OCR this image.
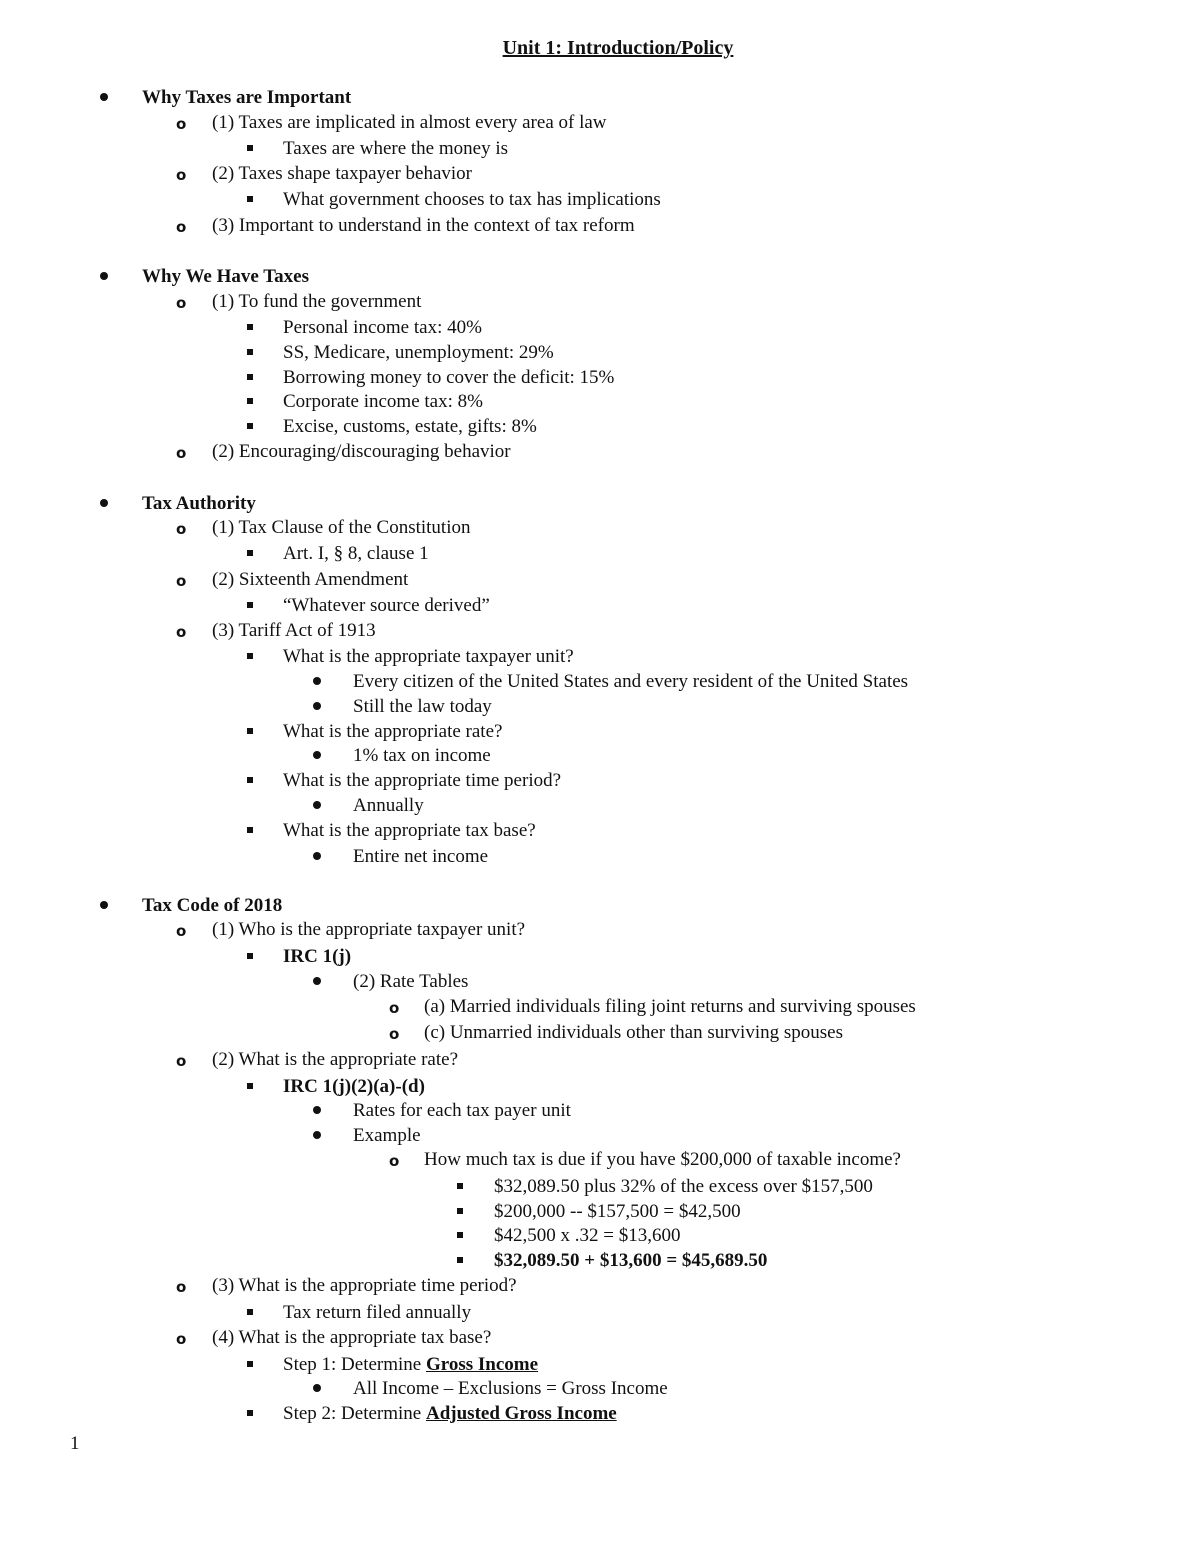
Unit 1: Introduction/Policy
Why Taxes are Important
o (1) Taxes are implicated in almost every area of law
Taxes are where the money is
o (2) Taxes shape taxpayer behavior
What government chooses to tax has implications
o (3) Important to understand in the context of tax reform
Why We Have Taxes
o (1) To fund the government
Personal income tax: 40%
SS, Medicare, unemployment: 29%
Borrowing money to cover the deficit: 15%
Corporate income tax: 8%
Excise, customs, estate, gifts: 8%
o (2) Encouraging/discouraging behavior
Tax Authority
o (1) Tax Clause of the Constitution
Art. I, § 8, clause 1
o (2) Sixteenth Amendment
“Whatever source derived”
o (3) Tariff Act of 1913
What is the appropriate taxpayer unit?
Every citizen of the United States and every resident of the United States
Still the law today
What is the appropriate rate?
1% tax on income
What is the appropriate time period?
Annually
What is the appropriate tax base?
Entire net income
Tax Code of 2018
o (1) Who is the appropriate taxpayer unit?
IRC 1(j)
(2) Rate Tables
o (a) Married individuals filing joint returns and surviving spouses
o (c) Unmarried individuals other than surviving spouses
o (2) What is the appropriate rate?
IRC 1(j)(2)(a)-(d)
Rates for each tax payer unit
Example
o How much tax is due if you have $200,000 of taxable income?
$32,089.50 plus 32% of the excess over $157,500
$200,000 -- $157,500 = $42,500
$42,500 x .32 = $13,600
$32,089.50 + $13,600 = $45,689.50
o (3) What is the appropriate time period?
Tax return filed annually
o (4) What is the appropriate tax base?
Step 1: Determine Gross Income
All Income – Exclusions = Gross Income
Step 2: Determine Adjusted Gross Income
1
